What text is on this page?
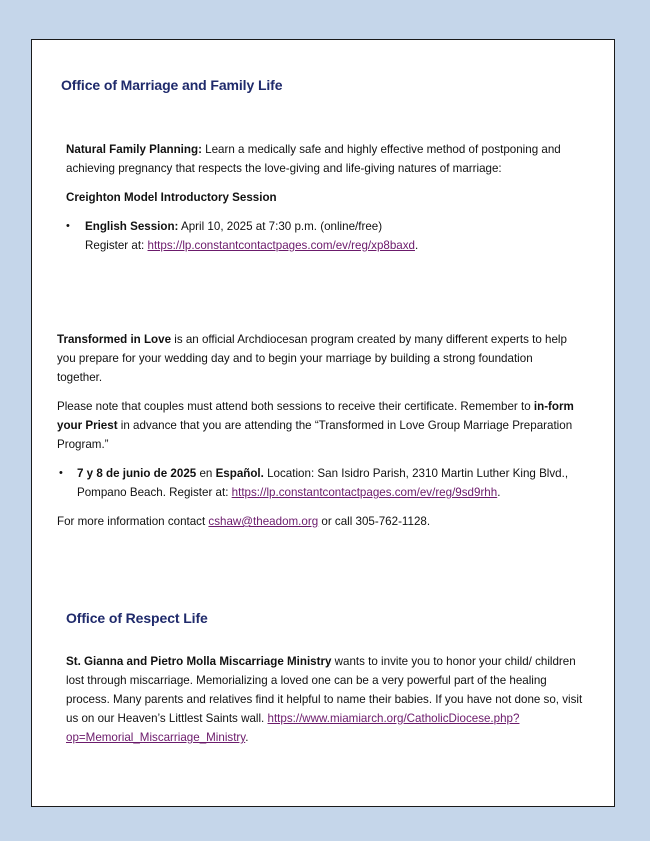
Office of Marriage and Family Life

Natural Family Planning: Learn a medically safe and highly effective method of postponing and achieving pregnancy that respects the love-giving and life-giving natures of marriage:

Creighton Model Introductory Session
• English Session: April 10, 2025 at 7:30 p.m. (online/free)
Register at: https://lp.constantcontactpages.com/ev/reg/xp8baxd.

Transformed in Love is an official Archdiocesan program created by many different experts to help you prepare for your wedding day and to begin your marriage by building a strong foundation together.

Please note that couples must attend both sessions to receive their certificate. Remember to in-form your Priest in advance that you are attending the “Transformed in Love Group Marriage Preparation Program.”

• 7 y 8 de junio de 2025 en Español. Location: San Isidro Parish, 2310 Martin Luther King Blvd., Pompano Beach. Register at: https://lp.constantcontactpages.com/ev/reg/9sd9rhh.

For more information contact cshaw@theadom.org or call 305-762-1128.

Office of Respect Life

St. Gianna and Pietro Molla Miscarriage Ministry wants to invite you to honor your child/ children lost through miscarriage. Memorializing a loved one can be a very powerful part of the healing process. Many parents and relatives find it helpful to name their babies. If you have not done so, visit us on our Heaven’s Littlest Saints wall. https://www.miamiarch.org/CatholicDiocese.php?op=Memorial_Miscarriage_Ministry.
